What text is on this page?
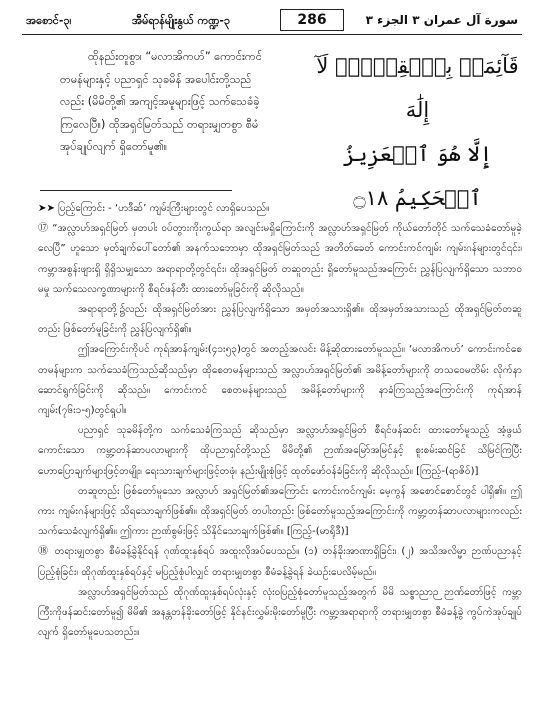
အစောင်-၃၊	အီမ်ရာန်မျိုးနွယ် ကဏ္ဍ-၃	286	سورة آل عمران ٣ الجزء ٣
ထိုနည်းတူစွာ၊ “မလာအိကဟ်” ကောင်းကင်
တမန်များနှင့် ပညာရှင် သုခမိန် အပေါင်းတို့သည်
လည်း (မိမိတို့၏ အကျင့်အမူများဖြင့် သက်သေခံခဲ့
ကြလေပြီ။) ထိုအရှင်မြတ်သည် တရားမျှတစွာ စီမံ
အုပ်ချုပ်လျက် ရှိတော်မူ၏။
قَآئِمَاۢ بِٱلۡقِسۡطِۚ لَآ إِلَٰهَ
إِلَّا هُوَ ٱلۡعَزِيزُ ٱلۡحَكِيمُ ۝١٨

➤➤ ပြည့်ကြောင်း - ‘ဟဒီဆ်’ ကျမ်းကြီးများတွင် လာရှိပေသည်။

⑰ “အလ္လာဟ်အရှင်မြတ် မှတပါး ဝပ်တွားကိုးကွယ်ရာ အလျင်းမရှိကြောင်းကို အလ္လာဟ်အရှင်မြတ် ကိုယ်တော်တိုင် သက်သေခံတော်မူခဲ့လေပြီ” ဟူသော မှတ်ချက်ပေါ်တော်၏ အနက်သဘောမှာ ထိုအရှင်မြတ်သည် အတိတ်ခေတ် ကောင်းကင်ကျမ်း ကျမ်းဂန်များတွင်၎င်း၊ ကမ္ဘာအစွန်းဖျားရှိ ရှိရှိသမျှသော အရာရာတို့တွင်၎င်း၊ ထိုအရှင်မြတ် တဆူတည်း ရှိတော်မူသည်အကြောင်း ညွှန်ပြလျက်ရှိသော သဘာဝမမှု သက်သေလက္ခဏာများကို စီရင်ဖန်တီး ထားတော်မူခြင်းကို ဆိုလိုသည်။

အရာရာတို့၌လည်း ထိုအရှင်မြတ်အား ညွှန်ပြလျက်ရှိသော အမှတ်အသားရှိ၏။ ထိုအမှတ်အသားသည် ထိုအရှင်မြတ်တဆူတည်း ဖြစ်တော်မူခြင်းကို ညွှန်ပြလျက်ရှိ၏။

ဤအကြောင်းကိုပင် ကုရ်အာန်ကျမ်း(၄၁း၅၃)တွင် အတည့်အလင်း မိန့်ဆိုထားတော်မူသည်။ ‘မလာအိကဟ်’ ကောင်းကင်စေတမန်များက သက်သေခံကြသည်ဆိုသည်မှာ ထိုစေတမန်များသည် အလ္လာဟ်အရှင်မြတ်၏ အမိန့်တော်များကို တသဝေမတိမ်း လိုက်နာဆောင်ရွက်ခြင်းကို ဆိုသည်။ ကောင်းကင် စေတမန်များသည် အမိန့်တော်များကို နာခံကြသည့်အကြောင်းကို ကုရ်အာန်ကျမ်း(၇၆း၁-၅)တွင်ရှုပါ။

ပညာရှင် သုခမိန်တို့က သက်သေခံကြသည် ဆိုသည်မှာ အလ္လာဟ်အရှင်မြတ် စီရင်ဖန်ဆင်း ထားတော်မူသည့် အံ့ဖွယ်ကောင်းသော ကမ္ဘာ့တန်ဆာပလာများကို ထိုပညာရှင်တို့သည် မိမိတို့၏ ဉာဏ်အမြော်အမြင်နှင့် စူးစမ်းဆင်ခြင် သိမြင်ကြပြီး ဟောပြောချက်များဖြင့်တမျိုး၊ ရေးသားချက်များဖြင့်တဖုံ၊ နည်းမျိုးစုံဖြင့် ထုတ်ဖော်ဝန်ခံခြင်းကို ဆိုလိုသည်။ [ကြည့်-(ရာဇိဝ်)]

တဆူတည်း ဖြစ်တော်မူသော အလ္လာဟ် အရှင်မြတ်၏အကြောင်း ကောင်းကင်ကျမ်း မေ့ကွန် အစောင်စောင်တွင် ပါရှိ၏။ ဤကား ကျမ်းဂန်များဖြင့် သိရသောချက်ဖြစ်၏။ ထိုအရှင်မြတ် တပါးတည်း ဖြစ်တော်မူသည့်အကြောင်းကို ကမ္ဘာ့တန်ဆာပလာများကလည်း သက်သေခံလျက်ရှိ၏။ ဤကား ဉာဏ်စွမ်းဖြင့် သိနိုင်သောချက်ဖြစ်၏။ [ကြည့်-(မာရိုဒီ)]

⑱ တရားမျှတစွာ စီမံခန့်ခွဲနိုင်ရန် ဂုဏ်ထူးနှစ်ရပ် အထူးလိုအပ်ပေသည်။ (၁) တန်ခိုးအာဏာရှိခြင်း၊ (၂) အသိအလိမ္မာ ဉာဏ်ပညာနှင့် ပြည့်စုံခြင်း၊ ထိုဂုဏ်ထူးနှစ်ရပ်နှင့် မပြည့်စုံပါလျှင် တရားမျှတစွာ စီမံခန့်ခွဲရန် ခဲယဉ်းပေလိမ့်မည်။

အလ္လာဟ်အရှင်မြတ်သည် ထိုဂုဏ်ထူးနှစ်ရပ်လုံးနှင့် လုံးဝပြည့်စုံတော်မူသည့်အတွက် မိမိ သစ္စာညာဉ ဉာဏ်တော်ဖြင့် ကမ္ဘာကြီးကိုဖန်ဆင်းတော်မူ၍ မိမိ၏ အနန္တတန်ခိုးတော်ဖြင့် နိုင်နင်းလွှမ်းမိုးတော်မူပြီး ကမ္ဘာ့အရာရာကို တရားမျှတစွာ စီမံခန့်ခွဲ ကွပ်ကဲအုပ်ချုပ်လျက် ရှိတော်မူပေသတည်း။
